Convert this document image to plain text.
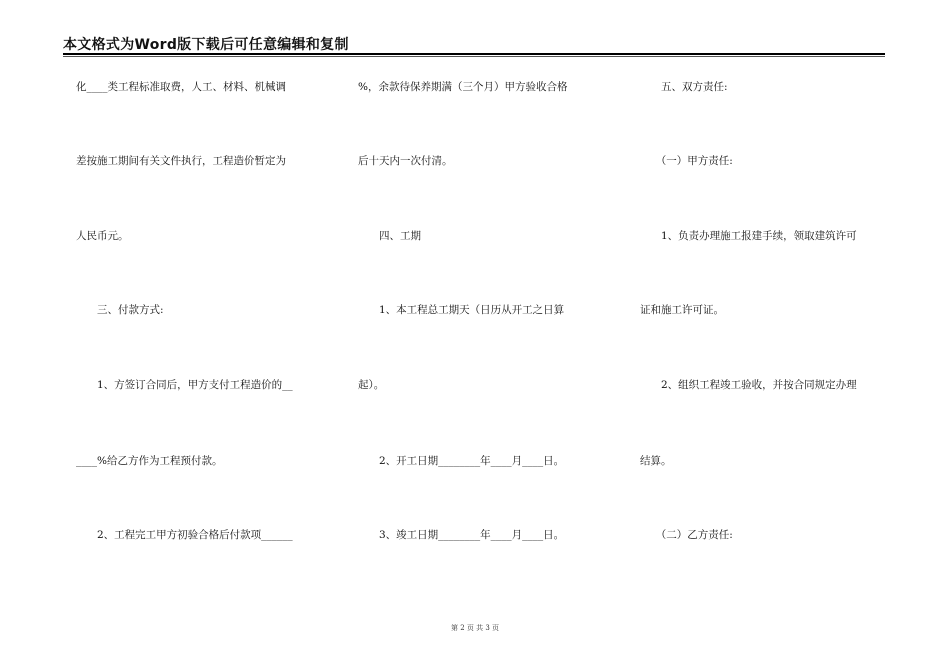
本文格式为Word版下载后可任意编辑和复制
化____类工程标准取费，人工、材料、机械调
差按施工期间有关文件执行，工程造价暂定为
人民币元。
　　三、付款方式:
　　1、方签订合同后，甲方支付工程造价的__
____%给乙方作为工程预付款。
　　2、工程完工甲方初验合格后付款项______
%，余款待保养期满（三个月）甲方验收合格
后十天内一次付清。
　　四、工期
　　1、本工程总工期天（日历从开工之日算
起）。
　　2、开工日期________年____月____日。
　　3、竣工日期________年____月____日。
　　五、双方责任:
　　（一）甲方责任:
　　1、负责办理施工报建手续，领取建筑许可
证和施工许可证。
　　2、组织工程竣工验收，并按合同规定办理
结算。
　　（二）乙方责任:
第 2 页 共 3 页
